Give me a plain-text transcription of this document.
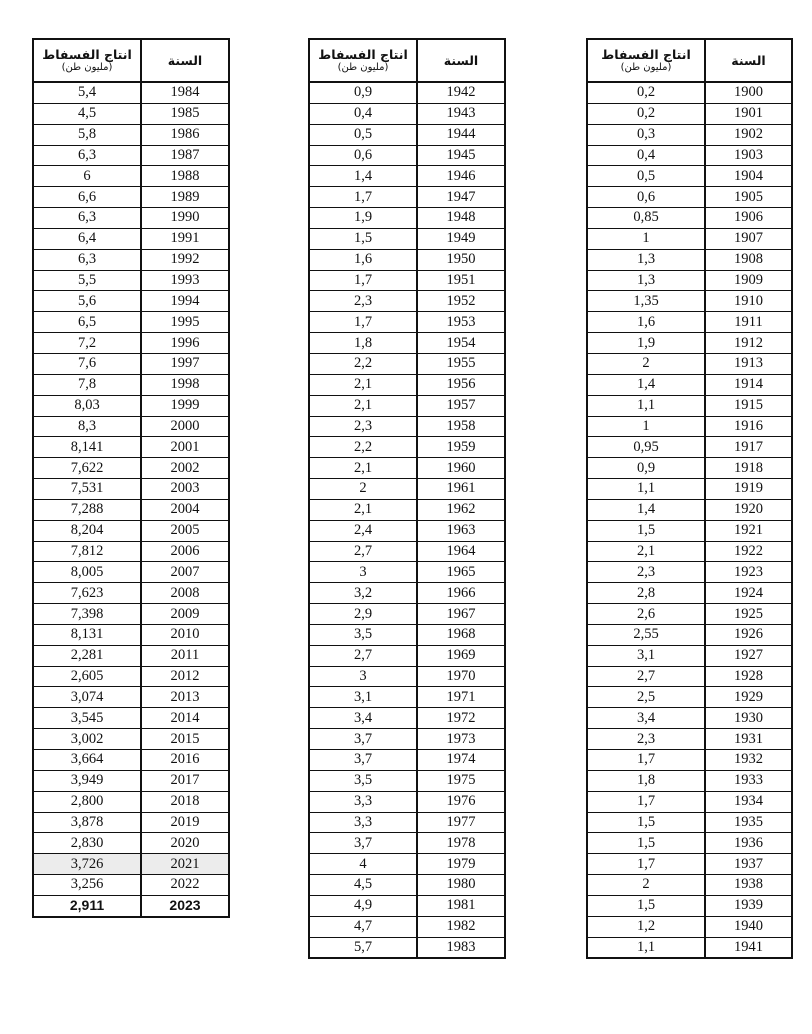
انتاج الفسفاط
(مليون طن)	السنة
5,4	1984
4,5	1985
5,8	1986
6,3	1987
6	1988
6,6	1989
6,3	1990
6,4	1991
6,3	1992
5,5	1993
5,6	1994
6,5	1995
7,2	1996
7,6	1997
7,8	1998
8,03	1999
8,3	2000
8,141	2001
7,622	2002
7,531	2003
7,288	2004
8,204	2005
7,812	2006
8,005	2007
7,623	2008
7,398	2009
8,131	2010
2,281	2011
2,605	2012
3,074	2013
3,545	2014
3,002	2015
3,664	2016
3,949	2017
2,800	2018
3,878	2019
2,830	2020
3,726	2021
3,256	2022
2,911	2023
انتاج الفسفاط
(مليون طن)	السنة
0,9	1942
0,4	1943
0,5	1944
0,6	1945
1,4	1946
1,7	1947
1,9	1948
1,5	1949
1,6	1950
1,7	1951
2,3	1952
1,7	1953
1,8	1954
2,2	1955
2,1	1956
2,1	1957
2,3	1958
2,2	1959
2,1	1960
2	1961
2,1	1962
2,4	1963
2,7	1964
3	1965
3,2	1966
2,9	1967
3,5	1968
2,7	1969
3	1970
3,1	1971
3,4	1972
3,7	1973
3,7	1974
3,5	1975
3,3	1976
3,3	1977
3,7	1978
4	1979
4,5	1980
4,9	1981
4,7	1982
5,7	1983
انتاج الفسفاط
(مليون طن)	السنة
0,2	1900
0,2	1901
0,3	1902
0,4	1903
0,5	1904
0,6	1905
0,85	1906
1	1907
1,3	1908
1,3	1909
1,35	1910
1,6	1911
1,9	1912
2	1913
1,4	1914
1,1	1915
1	1916
0,95	1917
0,9	1918
1,1	1919
1,4	1920
1,5	1921
2,1	1922
2,3	1923
2,8	1924
2,6	1925
2,55	1926
3,1	1927
2,7	1928
2,5	1929
3,4	1930
2,3	1931
1,7	1932
1,8	1933
1,7	1934
1,5	1935
1,5	1936
1,7	1937
2	1938
1,5	1939
1,2	1940
1,1	1941
